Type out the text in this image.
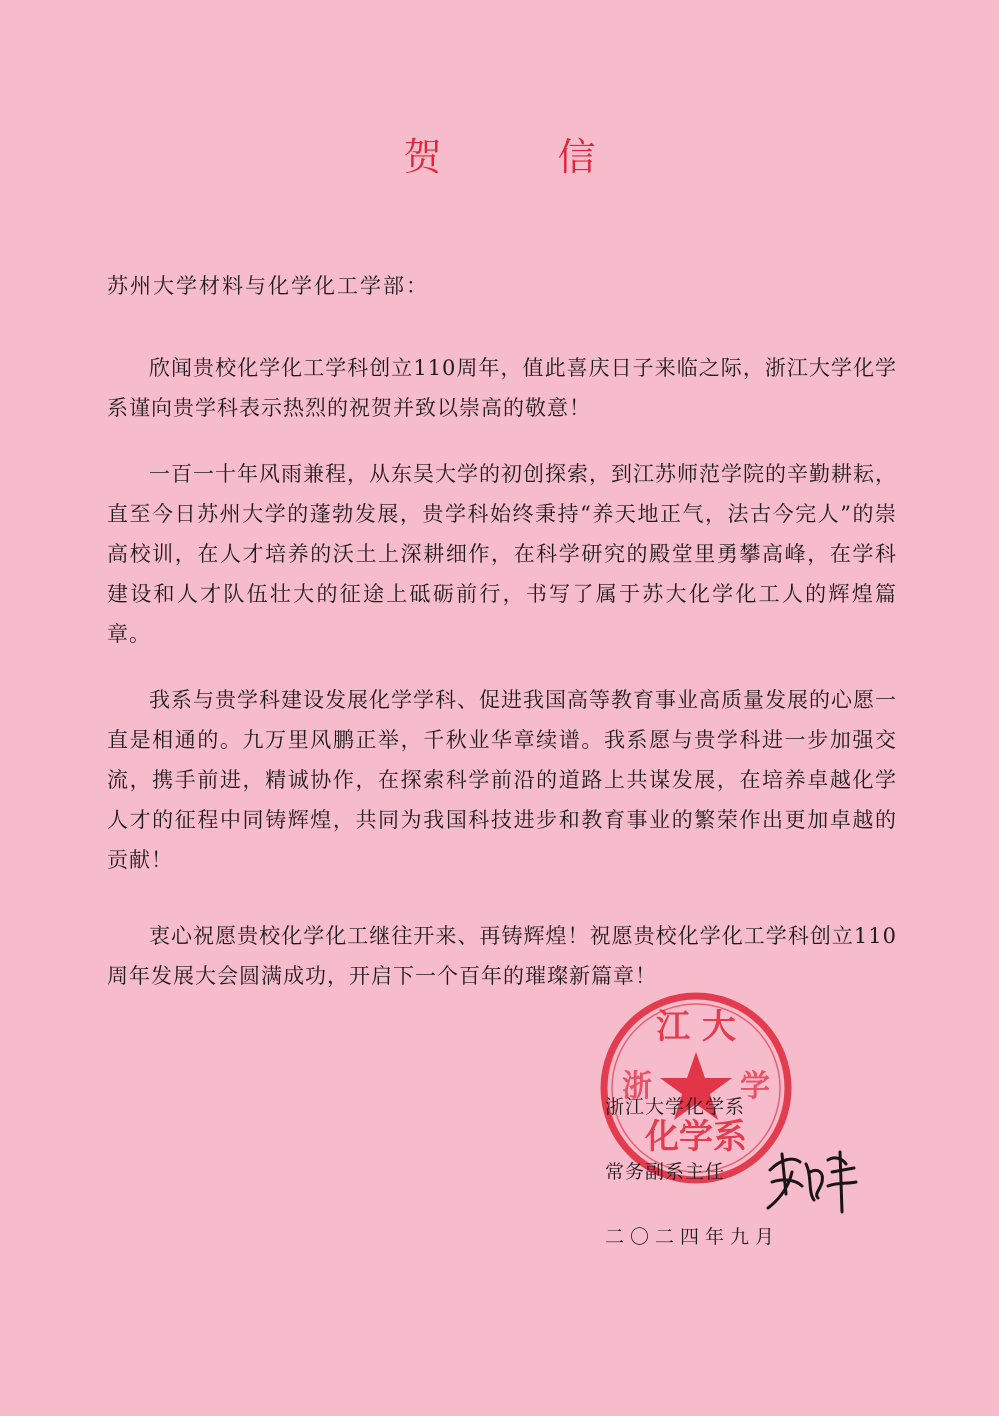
贺 信
苏州大学材料与化学化工学部：

欣闻贵校化学化工学科创立110周年，值此喜庆日子来临之际，浙江大学化学系谨向贵学科表示热烈的祝贺并致以崇高的敬意！

一百一十年风雨兼程，从东吴大学的初创探索，到江苏师范学院的辛勤耕耘，直至今日苏州大学的蓬勃发展，贵学科始终秉持“养天地正气，法古今完人”的崇高校训，在人才培养的沃土上深耕细作，在科学研究的殿堂里勇攀高峰，在学科建设和人才队伍壮大的征途上砥砺前行，书写了属于苏大化学化工人的辉煌篇章。

我系与贵学科建设发展化学学科、促进我国高等教育事业高质量发展的心愿一直是相通的。九万里风鹏正举，千秋业华章续谱。我系愿与贵学科进一步加强交流，携手前进，精诚协作，在探索科学前沿的道路上共谋发展，在培养卓越化学人才的征程中同铸辉煌，共同为我国科技进步和教育事业的繁荣作出更加卓越的贡献！

衷心祝愿贵校化学化工继往开来、再铸辉煌！祝愿贵校化学化工学科创立110周年发展大会圆满成功，开启下一个百年的璀璨新篇章！

江 大
浙	学
化学系
浙江大学化学系
常务副系主任
二〇二四年九月
